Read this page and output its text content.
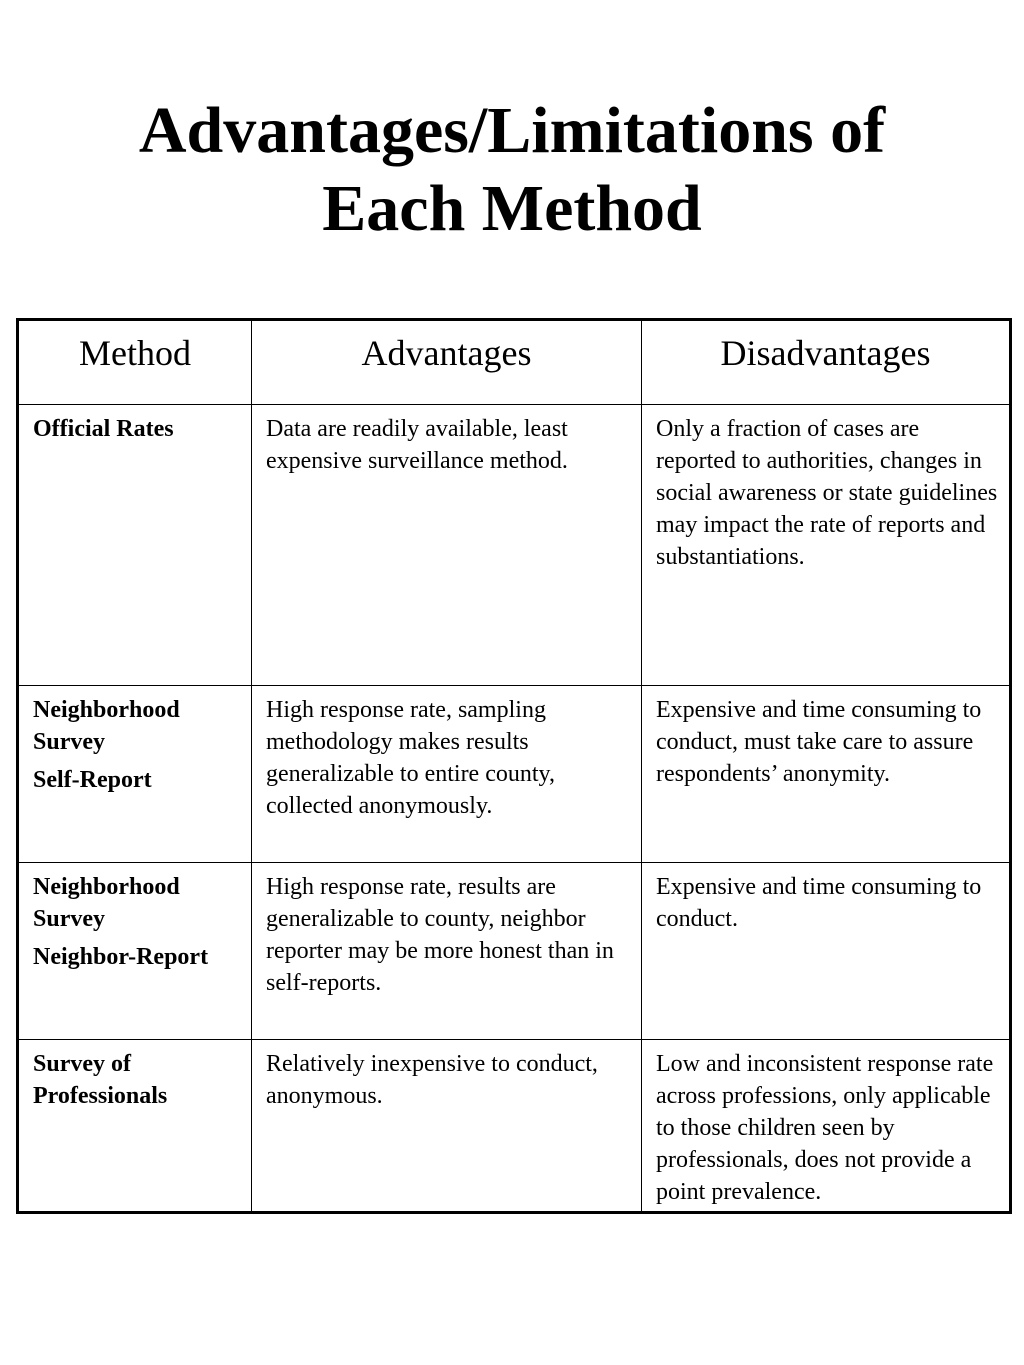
Advantages/Limitations of
Each Method
Method	Advantages	Disadvantages

Official Rates	Data are readily available, least expensive surveillance method.	Only a fraction of cases are reported to authorities, changes in social awareness or state guidelines may impact the rate of reports and substantiations.

Neighborhood
Survey
Self-Report	High response rate, sampling methodology makes results generalizable to entire county, collected anonymously.	Expensive and time consuming to conduct, must take care to assure respondents’ anonymity.

Neighborhood
Survey
Neighbor-Report	High response rate, results are generalizable to county, neighbor reporter may be more honest than in self-reports.	Expensive and time consuming to conduct.

Survey of
Professionals	Relatively inexpensive to conduct, anonymous.	Low and inconsistent response rate across professions, only applicable to those children seen by professionals, does not provide a point prevalence.
